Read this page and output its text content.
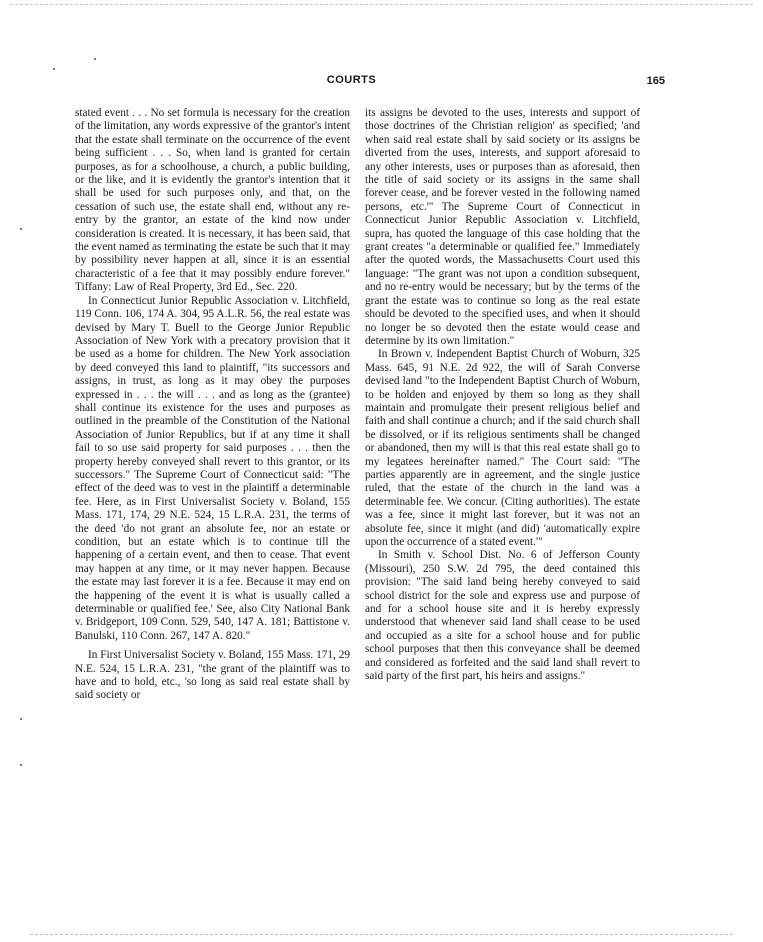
COURTS	165

stated event . . . No set formula is necessary for the creation of the limitation, any words expressive of the grantor's intent that the estate shall terminate on the occurrence of the event being sufficient . . . So, when land is granted for certain purposes, as for a schoolhouse, a church, a public building, or the like, and it is evidently the grantor's intention that it shall be used for such purposes only, and that, on the cessation of such use, the estate shall end, without any re-entry by the grantor, an estate of the kind now under consideration is created. It is necessary, it has been said, that the event named as terminating the estate be such that it may by possibility never happen at all, since it is an essential characteristic of a fee that it may possibly endure forever." Tiffany: Law of Real Property, 3rd Ed., Sec. 220.

In Connecticut Junior Republic Association v. Litchfield, 119 Conn. 106, 174 A. 304, 95 A.L.R. 56, the real estate was devised by Mary T. Buell to the George Junior Republic Association of New York with a precatory provision that it be used as a home for children. The New York association by deed conveyed this land to plaintiff, "its successors and assigns, in trust, as long as it may obey the purposes expressed in . . . the will . . . and as long as the (grantee) shall continue its existence for the uses and purposes as outlined in the preamble of the Constitution of the National Association of Junior Republics, but if at any time it shall fail to so use said property for said purposes . . . then the property hereby conveyed shall revert to this grantor, or its successors." The Supreme Court of Connecticut said: "The effect of the deed was to vest in the plaintiff a determinable fee. Here, as in First Universalist Society v. Boland, 155 Mass. 171, 174, 29 N.E. 524, 15 L.R.A. 231, the terms of the deed 'do not grant an absolute fee, nor an estate or condition, but an estate which is to continue till the happening of a certain event, and then to cease. That event may happen at any time, or it may never happen. Because the estate may last forever it is a fee. Because it may end on the happening of the event it is what is usually called a determinable or qualified fee.' See, also City National Bank v. Bridgeport, 109 Conn. 529, 540, 147 A. 181; Battistone v. Banulski, 110 Conn. 267, 147 A. 820."

In First Universalist Society v. Boland, 155 Mass. 171, 29 N.E. 524, 15 L.R.A. 231, "the grant of the plaintiff was to have and to hold, etc., 'so long as said real estate shall by said society or

its assigns be devoted to the uses, interests and support of those doctrines of the Christian religion' as specified; 'and when said real estate shall by said society or its assigns be diverted from the uses, interests, and support aforesaid to any other interests, uses or purposes than as aforesaid, then the title of said society or its assigns in the same shall forever cease, and be forever vested in the following named persons, etc.'" The Supreme Court of Connecticut in Connecticut Junior Republic Association v. Litchfield, supra, has quoted the language of this case holding that the grant creates "a determinable or qualified fee." Immediately after the quoted words, the Massachusetts Court used this language: "The grant was not upon a condition subsequent, and no re-entry would be necessary; but by the terms of the grant the estate was to continue so long as the real estate should be devoted to the specified uses, and when it should no longer be so devoted then the estate would cease and determine by its own limitation."

In Brown v. Independent Baptist Church of Woburn, 325 Mass. 645, 91 N.E. 2d 922, the will of Sarah Converse devised land "to the Independent Baptist Church of Woburn, to be holden and enjoyed by them so long as they shall maintain and promulgate their present religious belief and faith and shall continue a church; and if the said church shall be dissolved, or if its religious sentiments shall be changed or abandoned, then my will is that this real estate shall go to my legatees hereinafter named." The Court said: "The parties apparently are in agreement, and the single justice ruled, that the estate of the church in the land was a determinable fee. We concur. (Citing authorities). The estate was a fee, since it might last forever, but it was not an absolute fee, since it might (and did) 'automatically expire upon the occurrence of a stated event.'"

In Smith v. School Dist. No. 6 of Jefferson County (Missouri), 250 S.W. 2d 795, the deed contained this provision: "The said land being hereby conveyed to said school district for the sole and express use and purpose of and for a school house site and it is hereby expressly understood that whenever said land shall cease to be used and occupied as a site for a school house and for public school purposes that then this conveyance shall be deemed and considered as forfeited and the said land shall revert to said party of the first part, his heirs and assigns."
